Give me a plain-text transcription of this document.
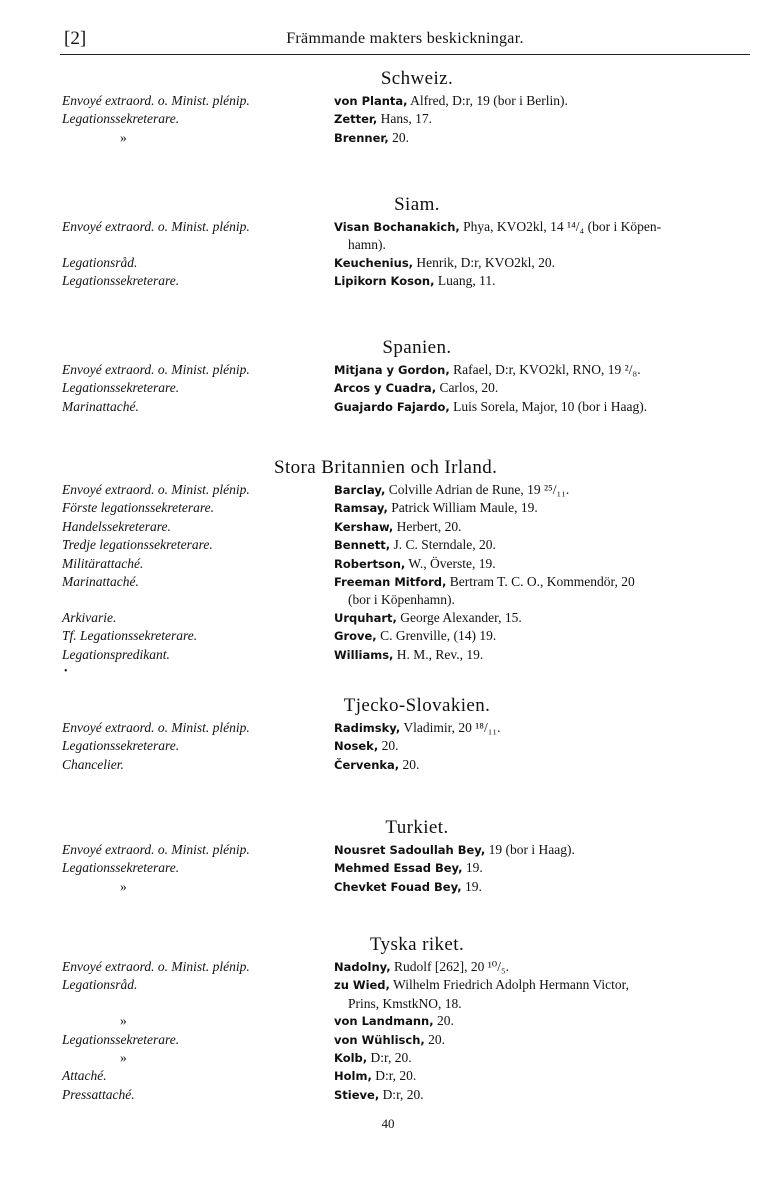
[2]	Främmande makters beskickningar.
Schweiz.
Envoyé extraord. o. Minist. plénip.	von Planta, Alfred, D:r, 19 (bor i Berlin).
Legationssekreterare.	Zetter, Hans, 17.
»	Brenner, 20.
Siam.
Envoyé extraord. o. Minist. plénip.	Visan Bochanakich, Phya, KVO2kl, 14 ¹⁴/₄ (bor i Köpen-
hamn).
Legationsråd.	Keuchenius, Henrik, D:r, KVO2kl, 20.
Legationssekreterare.	Lipikorn Koson, Luang, 11.
Spanien.
Envoyé extraord. o. Minist. plénip.	Mitjana y Gordon, Rafael, D:r, KVO2kl, RNO, 19 ²/₈.
Legationssekreterare.	Arcos y Cuadra, Carlos, 20.
Marinattaché.	Guajardo Fajardo, Luis Sorela, Major, 10 (bor i Haag).
Stora Britannien och Irland.
Envoyé extraord. o. Minist. plénip.	Barclay, Colville Adrian de Rune, 19 ²⁵/₁₁.
Förste legationssekreterare.	Ramsay, Patrick William Maule, 19.
Handelssekreterare.	Kershaw, Herbert, 20.
Tredje legationssekreterare.	Bennett, J. C. Sterndale, 20.
Militärattaché.	Robertson, W., Överste, 19.
Marinattaché.	Freeman Mitford, Bertram T. C. O., Kommendör, 20
(bor i Köpenhamn).
Arkivarie.	Urquhart, George Alexander, 15.
Tf. Legationssekreterare.	Grove, C. Grenville, (14) 19.
Legationspredikant.	Williams, H. M., Rev., 19.
Tjecko-Slovakien.
Envoyé extraord. o. Minist. plénip.	Radimsky, Vladimir, 20 ¹⁸/₁₁.
Legationssekreterare.	Nosek, 20.
Chancelier.	Červenka, 20.
Turkiet.
Envoyé extraord. o. Minist. plénip.	Nousret Sadoullah Bey, 19 (bor i Haag).
Legationssekreterare.	Mehmed Essad Bey, 19.
»	Chevket Fouad Bey, 19.
Tyska riket.
Envoyé extraord. o. Minist. plénip.	Nadolny, Rudolf [262], 20 ¹⁰/₅.
Legationsråd.	zu Wied, Wilhelm Friedrich Adolph Hermann Victor,
Prins, KmstkNO, 18.
»	von Landmann, 20.
Legationssekreterare.	von Wühlisch, 20.
»	Kolb, D:r, 20.
Attaché.	Holm, D:r, 20.
Pressattaché.	Stieve, D:r, 20.
•
40
